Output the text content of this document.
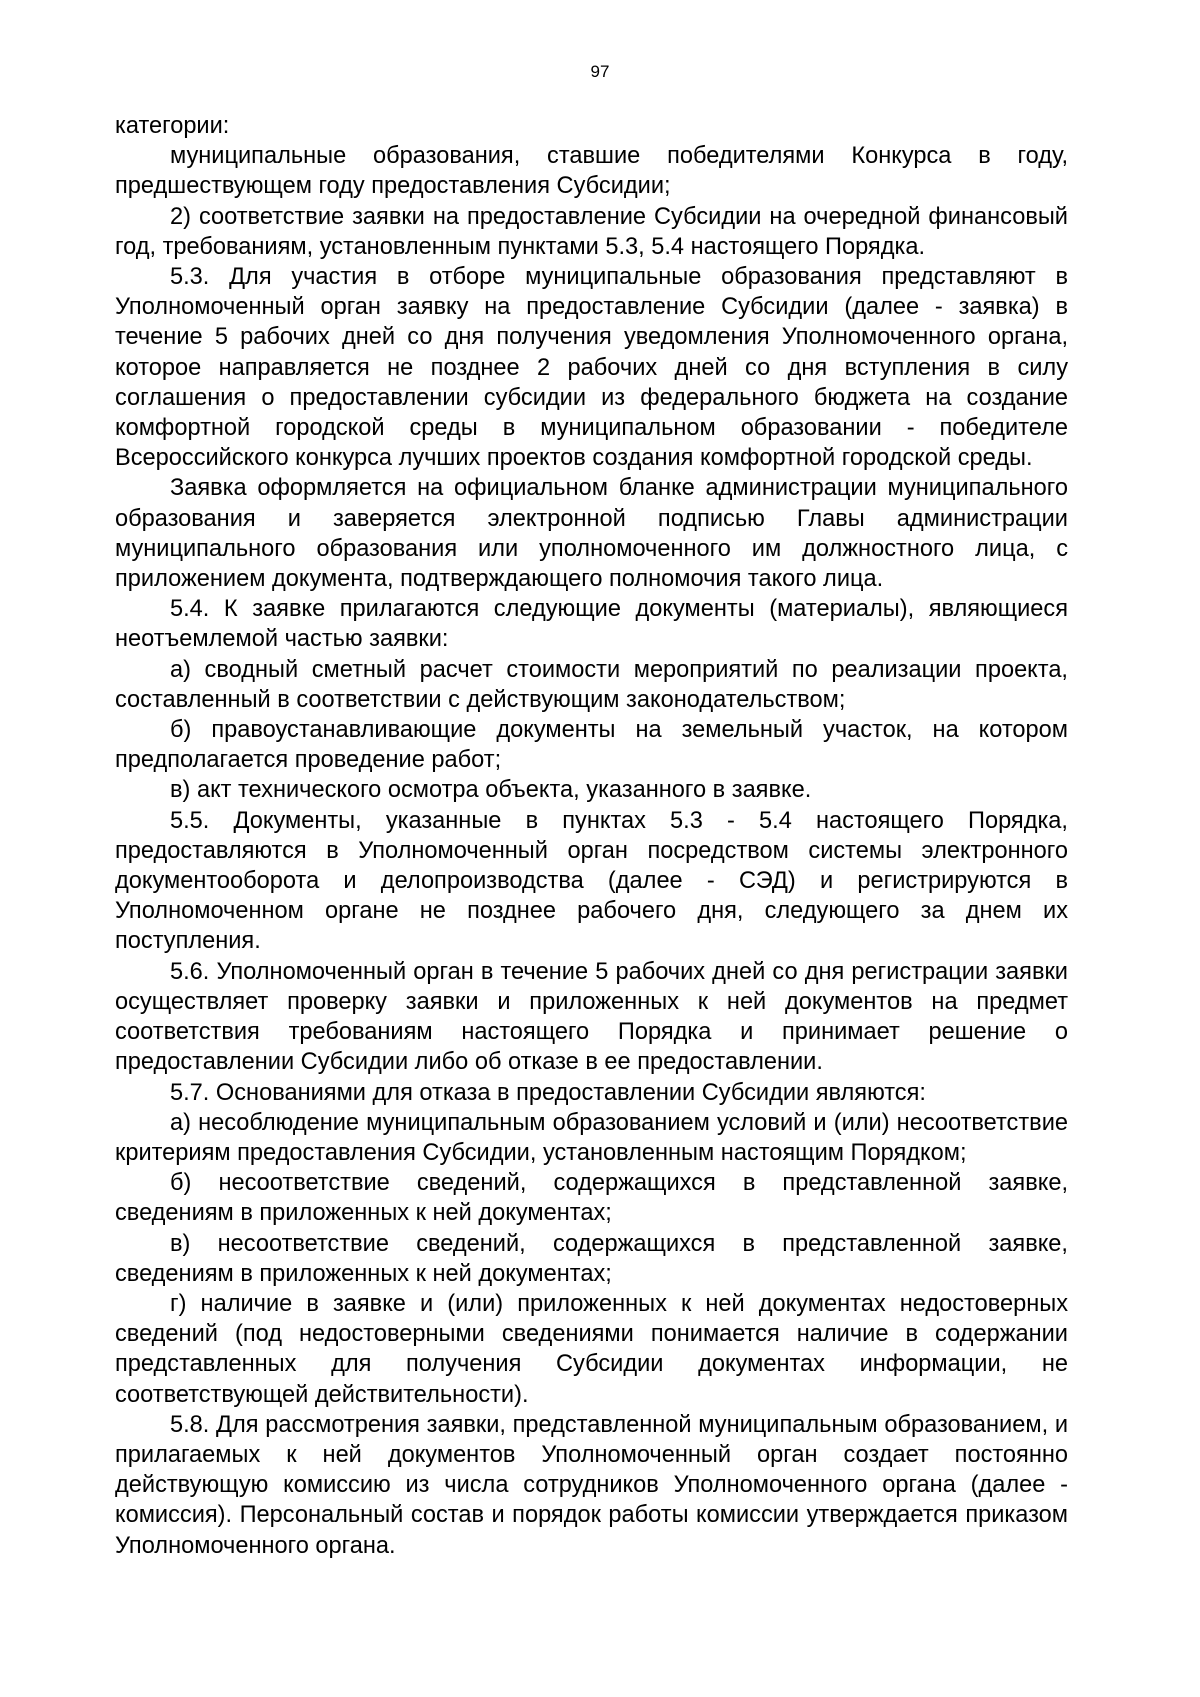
97

категории:

муниципальные образования, ставшие победителями Конкурса в году, предшествующем году предоставления Субсидии;

2) соответствие заявки на предоставление Субсидии на очередной финансовый год, требованиям, установленным пунктами 5.3, 5.4 настоящего Порядка.

5.3. Для участия в отборе муниципальные образования представляют в Уполномоченный орган заявку на предоставление Субсидии (далее - заявка) в течение 5 рабочих дней со дня получения уведомления Уполномоченного органа, которое направляется не позднее 2 рабочих дней со дня вступления в силу соглашения о предоставлении субсидии из федерального бюджета на создание комфортной городской среды в муниципальном образовании - победителе Всероссийского конкурса лучших проектов создания комфортной городской среды.

Заявка оформляется на официальном бланке администрации муниципального образования и заверяется электронной подписью Главы администрации муниципального образования или уполномоченного им должностного лица, с приложением документа, подтверждающего полномочия такого лица.

5.4. К заявке прилагаются следующие документы (материалы), являющиеся неотъемлемой частью заявки:

а) сводный сметный расчет стоимости мероприятий по реализации проекта, составленный в соответствии с действующим законодательством;

б) правоустанавливающие документы на земельный участок, на котором предполагается проведение работ;

в) акт технического осмотра объекта, указанного в заявке.

5.5. Документы, указанные в пунктах 5.3 - 5.4 настоящего Порядка, предоставляются в Уполномоченный орган посредством системы электронного документооборота и делопроизводства (далее - СЭД) и регистрируются в Уполномоченном органе не позднее рабочего дня, следующего за днем их поступления.

5.6. Уполномоченный орган в течение 5 рабочих дней со дня регистрации заявки осуществляет проверку заявки и приложенных к ней документов на предмет соответствия требованиям настоящего Порядка и принимает решение о предоставлении Субсидии либо об отказе в ее предоставлении.

5.7. Основаниями для отказа в предоставлении Субсидии являются:

а) несоблюдение муниципальным образованием условий и (или) несоответствие критериям предоставления Субсидии, установленным настоящим Порядком;

б) несоответствие сведений, содержащихся в представленной заявке, сведениям в приложенных к ней документах;

в) несоответствие сведений, содержащихся в представленной заявке, сведениям в приложенных к ней документах;

г) наличие в заявке и (или) приложенных к ней документах недостоверных сведений (под недостоверными сведениями понимается наличие в содержании представленных для получения Субсидии документах информации, не соответствующей действительности).

5.8. Для рассмотрения заявки, представленной муниципальным образованием, и прилагаемых к ней документов Уполномоченный орган создает постоянно действующую комиссию из числа сотрудников Уполномоченного органа (далее - комиссия). Персональный состав и порядок работы комиссии утверждается приказом Уполномоченного органа.
